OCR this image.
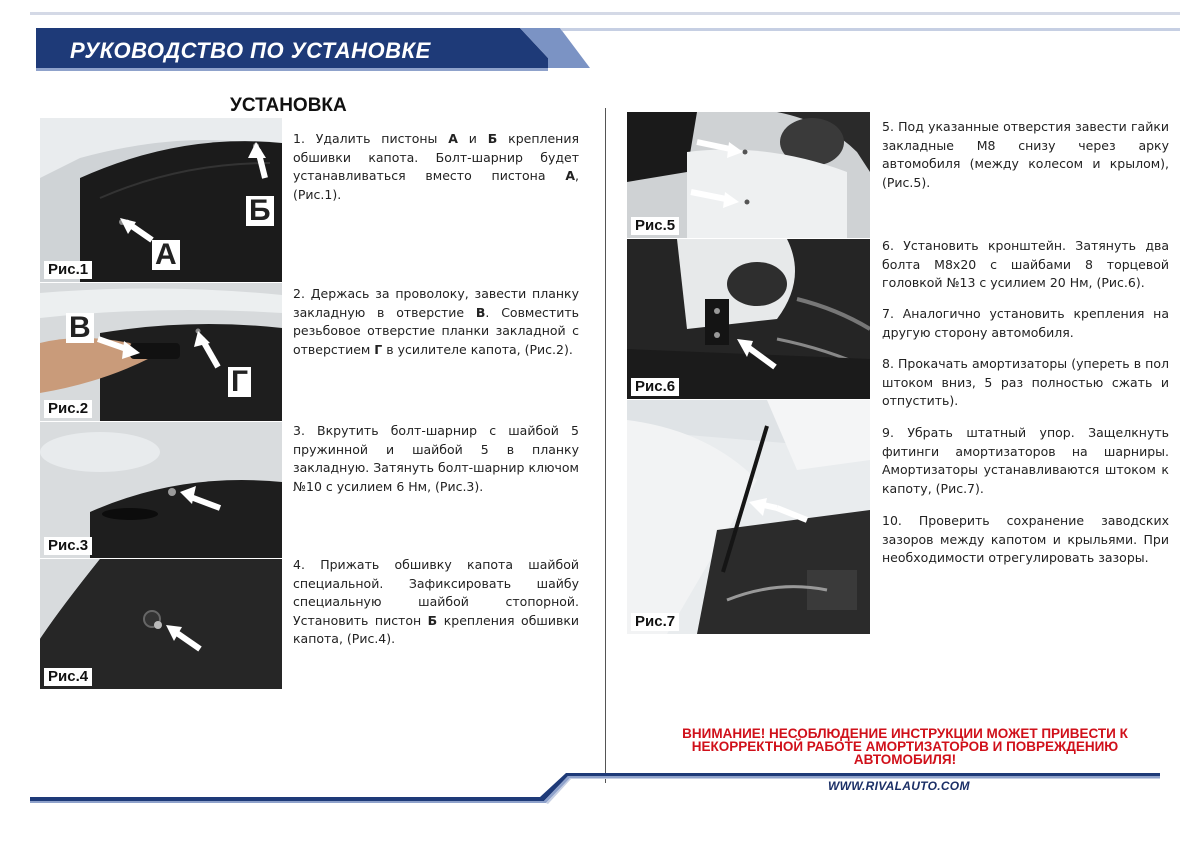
РУКОВОДСТВО ПО УСТАНОВКЕ
УСТАНОВКА
А
Б
Рис.1
В
Г
Рис.2
Рис.3
Рис.4
Рис.5
Рис.6
Рис.7

1. Удалить пистоны А и Б крепления обшивки капота. Болт-шарнир будет устанавливаться вместо пистона А, (Рис.1).

2. Держась за проволоку, завести планку закладную в отверстие В. Совместить резьбовое отверстие планки закладной с отверстием Г в усилителе капота, (Рис.2).

3. Вкрутить болт-шарнир с шайбой 5 пружинной и шайбой 5 в планку закладную. Затянуть болт-шарнир ключом №10 с усилием 6 Нм, (Рис.3).

4. Прижать обшивку капота шайбой специальной. Зафиксировать шайбу специальную шайбой стопорной. Установить пистон Б крепления обшивки капота, (Рис.4).

5. Под указанные отверстия завести гайки закладные М8 снизу через арку автомобиля (между колесом и крылом), (Рис.5).

6. Установить кронштейн. Затянуть два болта М8х20 с шайбами 8 торцевой головкой №13 с усилием 20 Нм, (Рис.6).

7. Аналогично установить крепления на другую сторону автомобиля.

8. Прокачать амортизаторы (упереть в пол штоком вниз, 5 раз полностью сжать и отпустить).

9. Убрать штатный упор. Защелкнуть фитинги амортизаторов на шарниры. Амортизаторы устанавливаются штоком к капоту, (Рис.7).

10. Проверить сохранение заводских зазоров между капотом и крыльями. При необходимости отрегулировать зазоры.

ВНИМАНИЕ! НЕСОБЛЮДЕНИЕ ИНСТРУКЦИИ МОЖЕТ ПРИВЕСТИ К
НЕКОРРЕКТНОЙ РАБОТЕ АМОРТИЗАТОРОВ И ПОВРЕЖДЕНИЮ
АВТОМОБИЛЯ!
WWW.RIVALAUTO.COM
